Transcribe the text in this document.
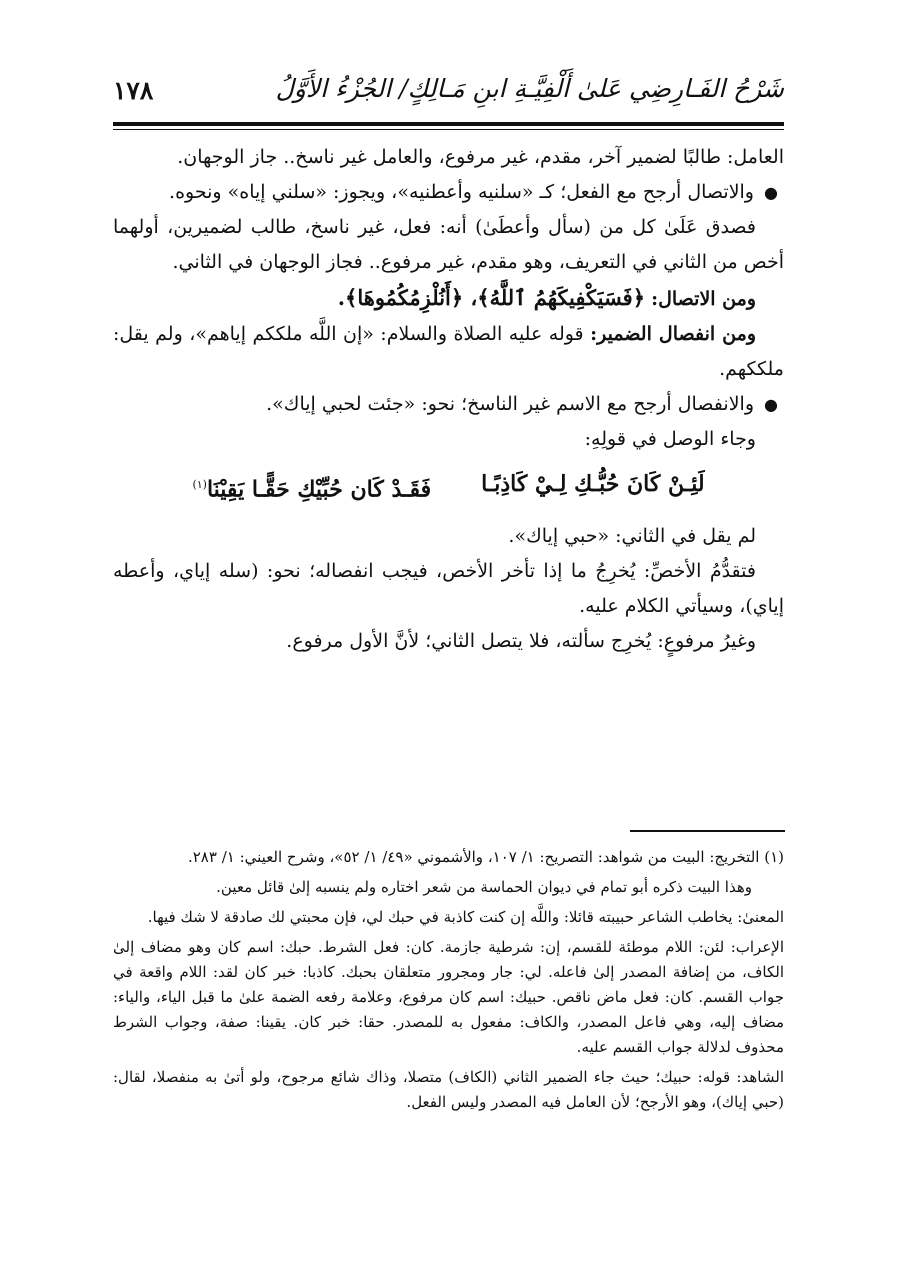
شَرْحُ الفَـارِضِي عَلىٰ أَلْفِيَّـةِ ابنِ مَـالِكٍ/ الجُزْءُ الأَوَّلُ
١٧٨

العامل: طالبًا لضمير آخر، مقدم، غير مرفوع، والعامل غير ناسخ.. جاز الوجهان.

●
والاتصال أرجح مع الفعل؛ كـ «سلنيه وأعطنيه»، ويجوز: «سلني إياه» ونحوه.

فصدق عَلَىٰ كل من (سأل وأعطَىٰ) أنه: فعل، غير ناسخ، طالب لضميرين، أولهما أخص من الثاني في التعريف، وهو مقدم، غير مرفوع.. فجاز الوجهان في الثاني.

ومن الاتصال: ﴿فَسَيَكْفِيكَهُمُ ٱللَّهُ﴾، ﴿أَنُلْزِمُكُمُوهَا﴾.

ومن انفصال الضمير: قوله عليه الصلاة والسلام: «إن اللَّه ملككم إياهم»، ولم يقل: ملككهم.

●
والانفصال أرجح مع الاسم غير الناسخ؛ نحو: «جئت لحبي إياك».

وجاء الوصل في قولِهِ:

لَئِـنْ كَانَ حُبُّـكِ لِـيْ كَاذِبًـا
فَقَـدْ كَان حُبِّيْكِ حَقًّـا يَقِيْنَا$^{(١)}$

لم يقل في الثاني: «حبي إياك».

فتقدُّمُ الأخصِّ: يُخرِجُ ما إذا تأخر الأخص، فيجب انفصاله؛ نحو: (سله إياي، وأعطه إياي)، وسيأتي الكلام عليه.

وغيرُ مرفوعٍ: يُخرِج سألته، فلا يتصل الثاني؛ لأنَّ الأول مرفوع.

(١) التخريج: البيت من شواهد: التصريح: ١/ ١٠٧، والأشموني «٤٩/ ١/ ٥٢»، وشرح العيني: ١/ ٢٨٣.

وهذا البيت ذكره أبو تمام في ديوان الحماسة من شعر اختاره ولم ينسبه إلىٰ قائل معين.

المعنىٰ: يخاطب الشاعر حبيبته قائلا: واللَّه إن كنت كاذبة في حبك لي، فإن محبتي لك صادقة لا شك فيها.

الإعراب: لئن: اللام موطئة للقسم، إن: شرطية جازمة. كان: فعل الشرط. حبك: اسم كان وهو مضاف إلىٰ الكاف، من إضافة المصدر إلىٰ فاعله. لي: جار ومجرور متعلقان بحبك. كاذبا: خبر كان لقد: اللام واقعة في جواب القسم. كان: فعل ماض ناقص. حبيك: اسم كان مرفوع، وعلامة رفعه الضمة علىٰ ما قبل الياء، والياء: مضاف إليه، وهي فاعل المصدر، والكاف: مفعول به للمصدر. حقا: خبر كان. يقينا: صفة، وجواب الشرط محذوف لدلالة جواب القسم عليه.

الشاهد: قوله: حبيك؛ حيث جاء الضمير الثاني (الكاف) متصلا، وذاك شائع مرجوح، ولو أتىٰ به منفصلا، لقال: (حبي إياك)، وهو الأرجح؛ لأن العامل فيه المصدر وليس الفعل.
